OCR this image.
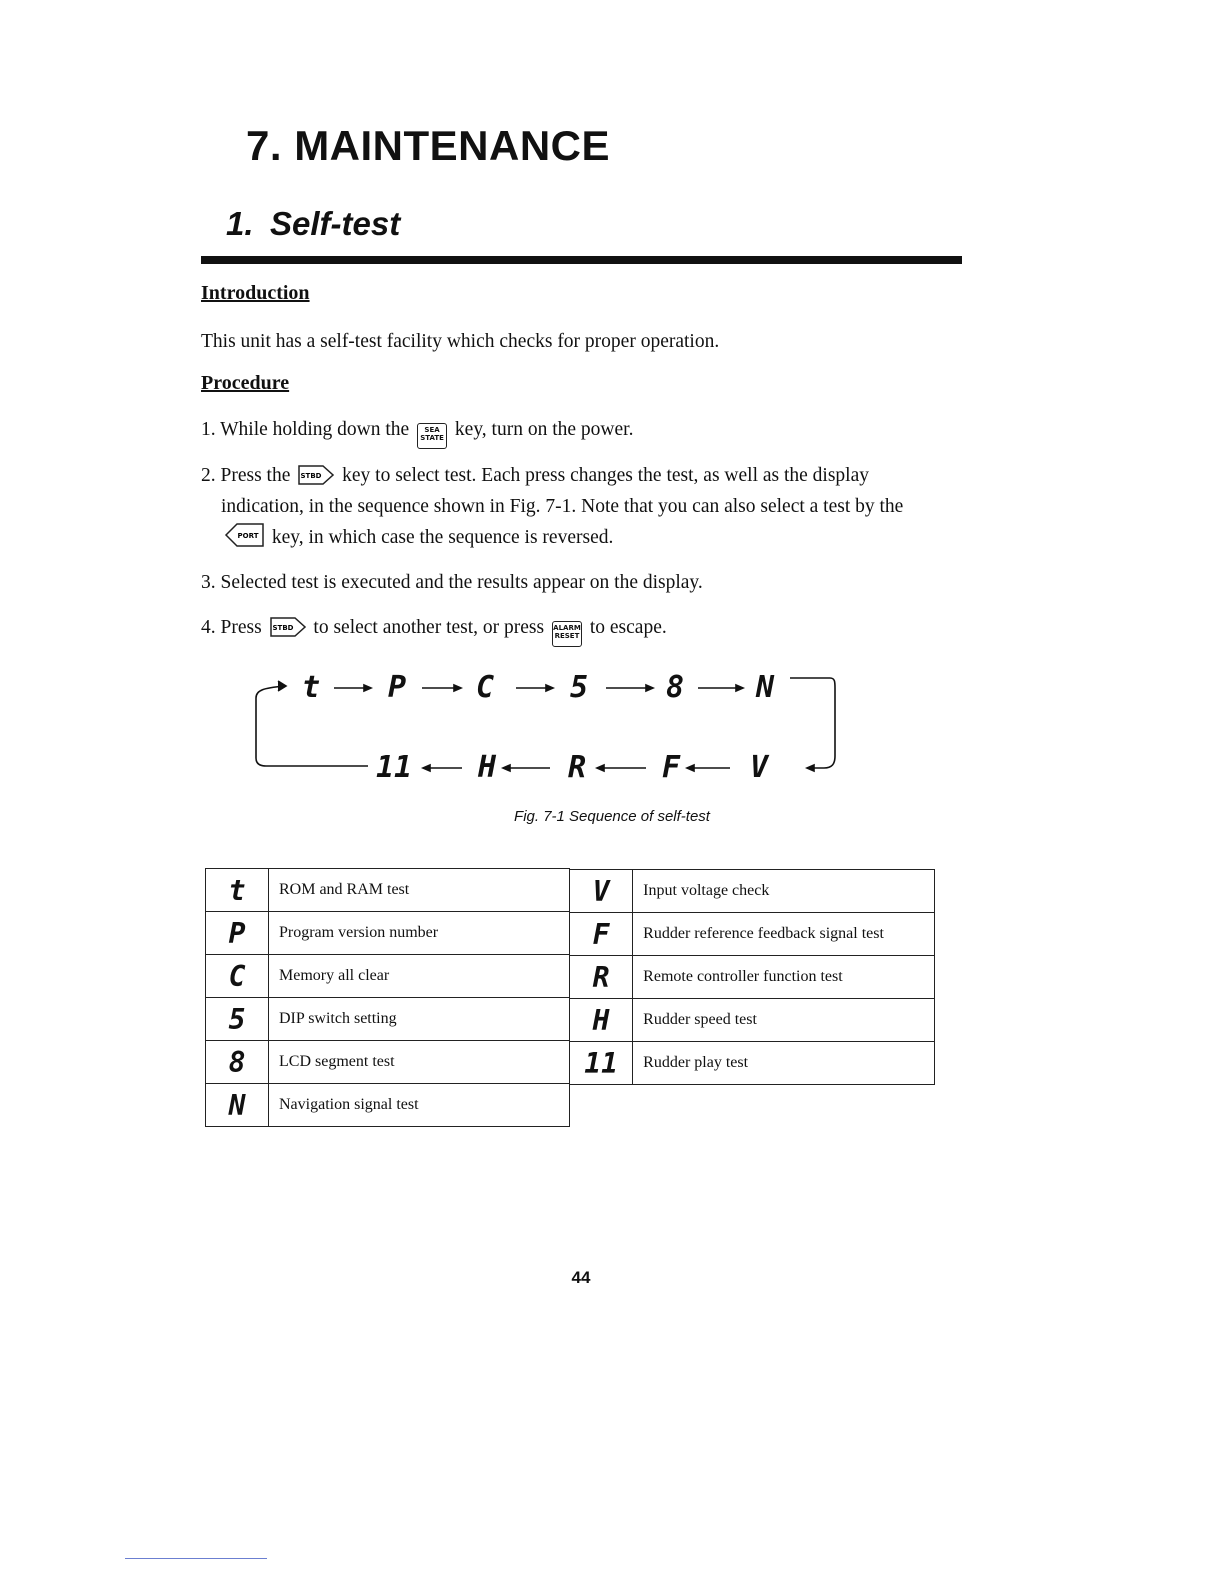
7. MAINTENANCE
1. Self-test
Introduction

This unit has a self-test facility which checks for proper operation.

Procedure

1. While holding down the SEA
STATE key, turn on the power.

2. Press the STBD key to select test. Each press changes the test, as well as the display
indication, in the sequence shown in Fig. 7-1. Note that you can also select a test by the
PORT key, in which case the sequence is reversed.

3. Selected test is executed and the results appear on the display.

4. Press STBD to select another test, or press ALARM
RESET to escape.

t P C	5	8 N
11 H R	F V

Fig. 7-1 Sequence of self-test

t	ROM and RAM test
P	Program version number
C	Memory all clear
5	DIP switch setting
8	LCD segment test
N	Navigation signal test
V	Input voltage check
F	Rudder reference feedback signal test
R	Remote controller function test
H	Rudder speed test
11	Rudder play test

44
